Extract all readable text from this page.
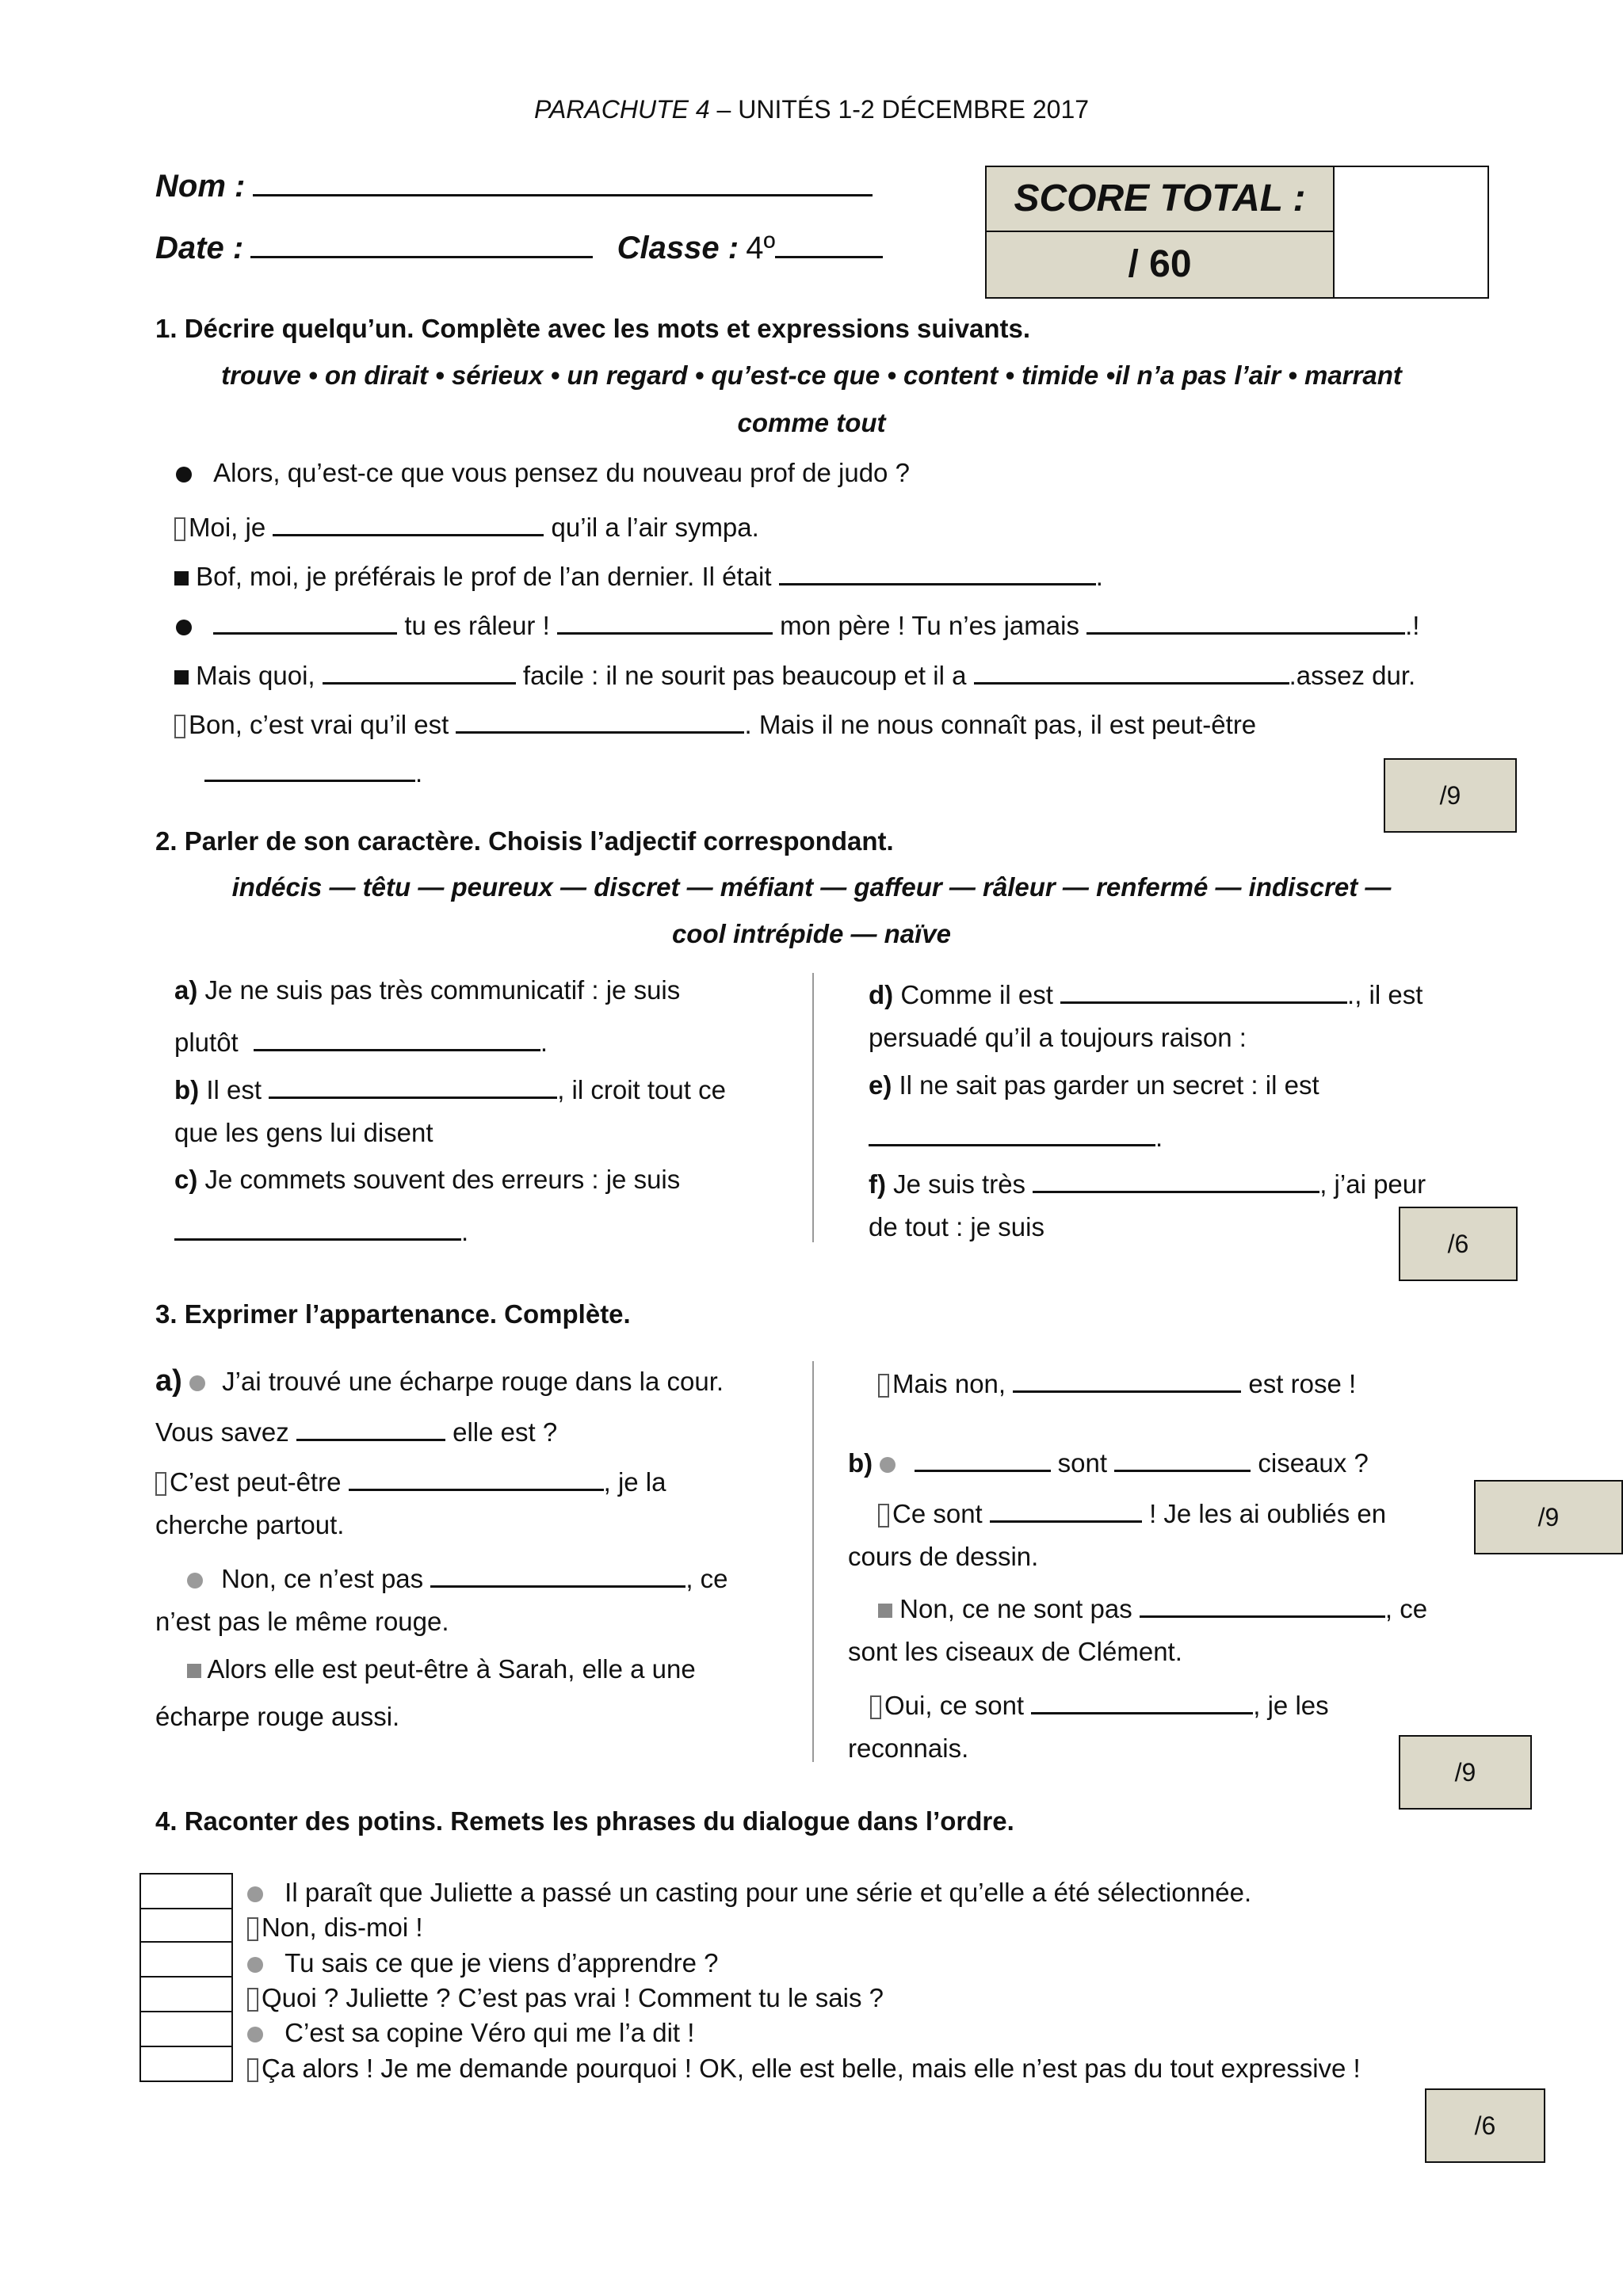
PARACHUTE 4 – UNITÉS 1-2 DÉCEMBRE 2017
Nom :
Date :	Classe : 4º
SCORE TOTAL :
/ 60
1. Décrire quelqu’un. Complète avec les mots et expressions suivants.
trouve • on dirait • sérieux • un regard • qu’est-ce que • content • timide •il n’a pas l’air • marrant
comme tout
Alors, qu’est-ce que vous pensez du nouveau prof de judo ?
Moi, je	qu’il a l’air sympa.
Bof, moi, je préférais le prof de l’an dernier. Il était	.
tu es râleur !	mon père ! Tu n’es jamais	.!
Mais quoi,	facile : il ne sourit pas beaucoup et il a	.assez dur.
Bon, c’est vrai qu’il est	. Mais il ne nous connaît pas, il est peut-être
.
/9
2. Parler de son caractère. Choisis l’adjectif correspondant.
indécis — têtu — peureux — discret — méfiant — gaffeur — râleur — renfermé — indiscret —
cool intrépide — naïve
a) Je ne suis pas très communicatif : je suis
plutôt	.
b) Il est	, il croit tout ce
que les gens lui disent
c) Je commets souvent des erreurs : je suis
.
d) Comme il est	., il est
persuadé qu’il a toujours raison :
e) Il ne sait pas garder un secret : il est
.
f) Je suis très	, j’ai peur
de tout : je suis
/6
3. Exprimer l’appartenance. Complète.
a) J’ai trouvé une écharpe rouge dans la cour.
Vous savez	elle est ?
C’est peut-être	, je la
cherche partout.
Non, ce n’est pas	, ce
n’est pas le même rouge.
Alors elle est peut-être à Sarah, elle a une
écharpe rouge aussi.
Mais non,	est rose !
b)	sont	ciseaux ?
Ce sont	! Je les ai oubliés en
cours de dessin.
Non, ce ne sont pas	, ce
sont les ciseaux de Clément.
Oui, ce sont	, je les
reconnais.
/9
/9
4. Raconter des potins. Remets les phrases du dialogue dans l’ordre.
Il paraît que Juliette a passé un casting pour une série et qu’elle a été sélectionnée.
Non, dis-moi !
Tu sais ce que je viens d’apprendre ?
Quoi ? Juliette ? C’est pas vrai ! Comment tu le sais ?
C’est sa copine Véro qui me l’a dit !
Ça alors ! Je me demande pourquoi ! OK, elle est belle, mais elle n’est pas du tout expressive !
/6
